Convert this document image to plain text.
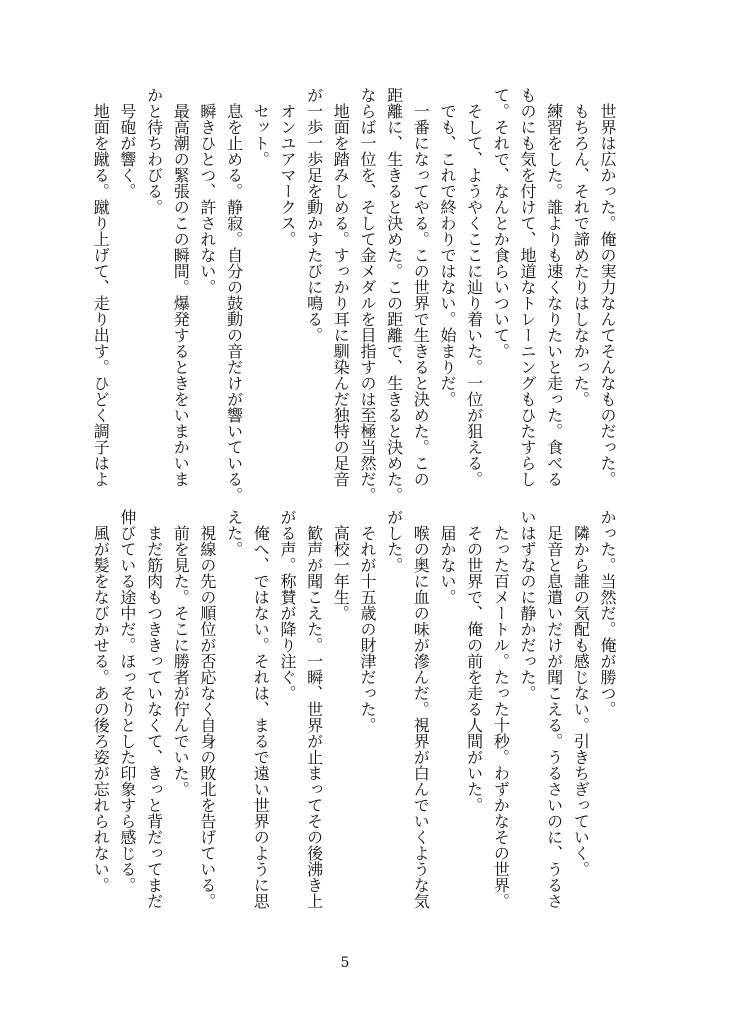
世界は広かった。俺の実力なんてそんなものだった。

もちろん、それで諦めたりはしなかった。

練習をした。誰よりも速くなりたいと走った。食べる

ものにも気を付けて、地道なトレーニングもひたすらし

て。それで、なんとか食らいついて。

そして、ようやくここに辿り着いた。一位が狙える。

でも、これで終わりではない。始まりだ。

一番になってやる。この世界で生きると決めた。この

距離に、生きると決めた。この距離で、生きると決めた。

ならば一位を、そして金メダルを目指すのは至極当然だ。

地面を踏みしめる。すっかり耳に馴染んだ独特の足音

が一歩一歩足を動かすたびに鳴る。

オンユアマークス。

セット。

息を止める。静寂。自分の鼓動の音だけが響いている。

瞬きひとつ、許されない。

最高潮の緊張のこの瞬間。爆発するときをいまかいま

かと待ちわびる。

号砲が響く。

地面を蹴る。蹴り上げて、走り出す。ひどく調子はよ

かった。当然だ。俺が勝つ。

隣から誰の気配も感じない。引きちぎっていく。

足音と息遣いだけが聞こえる。うるさいのに、うるさ

いはずなのに静かだった。

たった百メートル。たった十秒。わずかなその世界。

その世界で、俺の前を走る人間がいた。

届かない。

喉の奥に血の味が滲んだ。視界が白んでいくような気

がした。

それが十五歳の財津だった。

高校一年生。

歓声が聞こえた。一瞬、世界が止まってその後沸き上

がる声。称賛が降り注ぐ。

俺へ、ではない。それは、まるで遠い世界のように思

えた。

視線の先の順位が否応なく自身の敗北を告げている。

前を見た。そこに勝者が佇んでいた。

まだ筋肉もつききっていなくて、きっと背だってまだ

伸びている途中だ。ほっそりとした印象すら感じる。

風が髪をなびかせる。あの後ろ姿が忘れられない。

5
